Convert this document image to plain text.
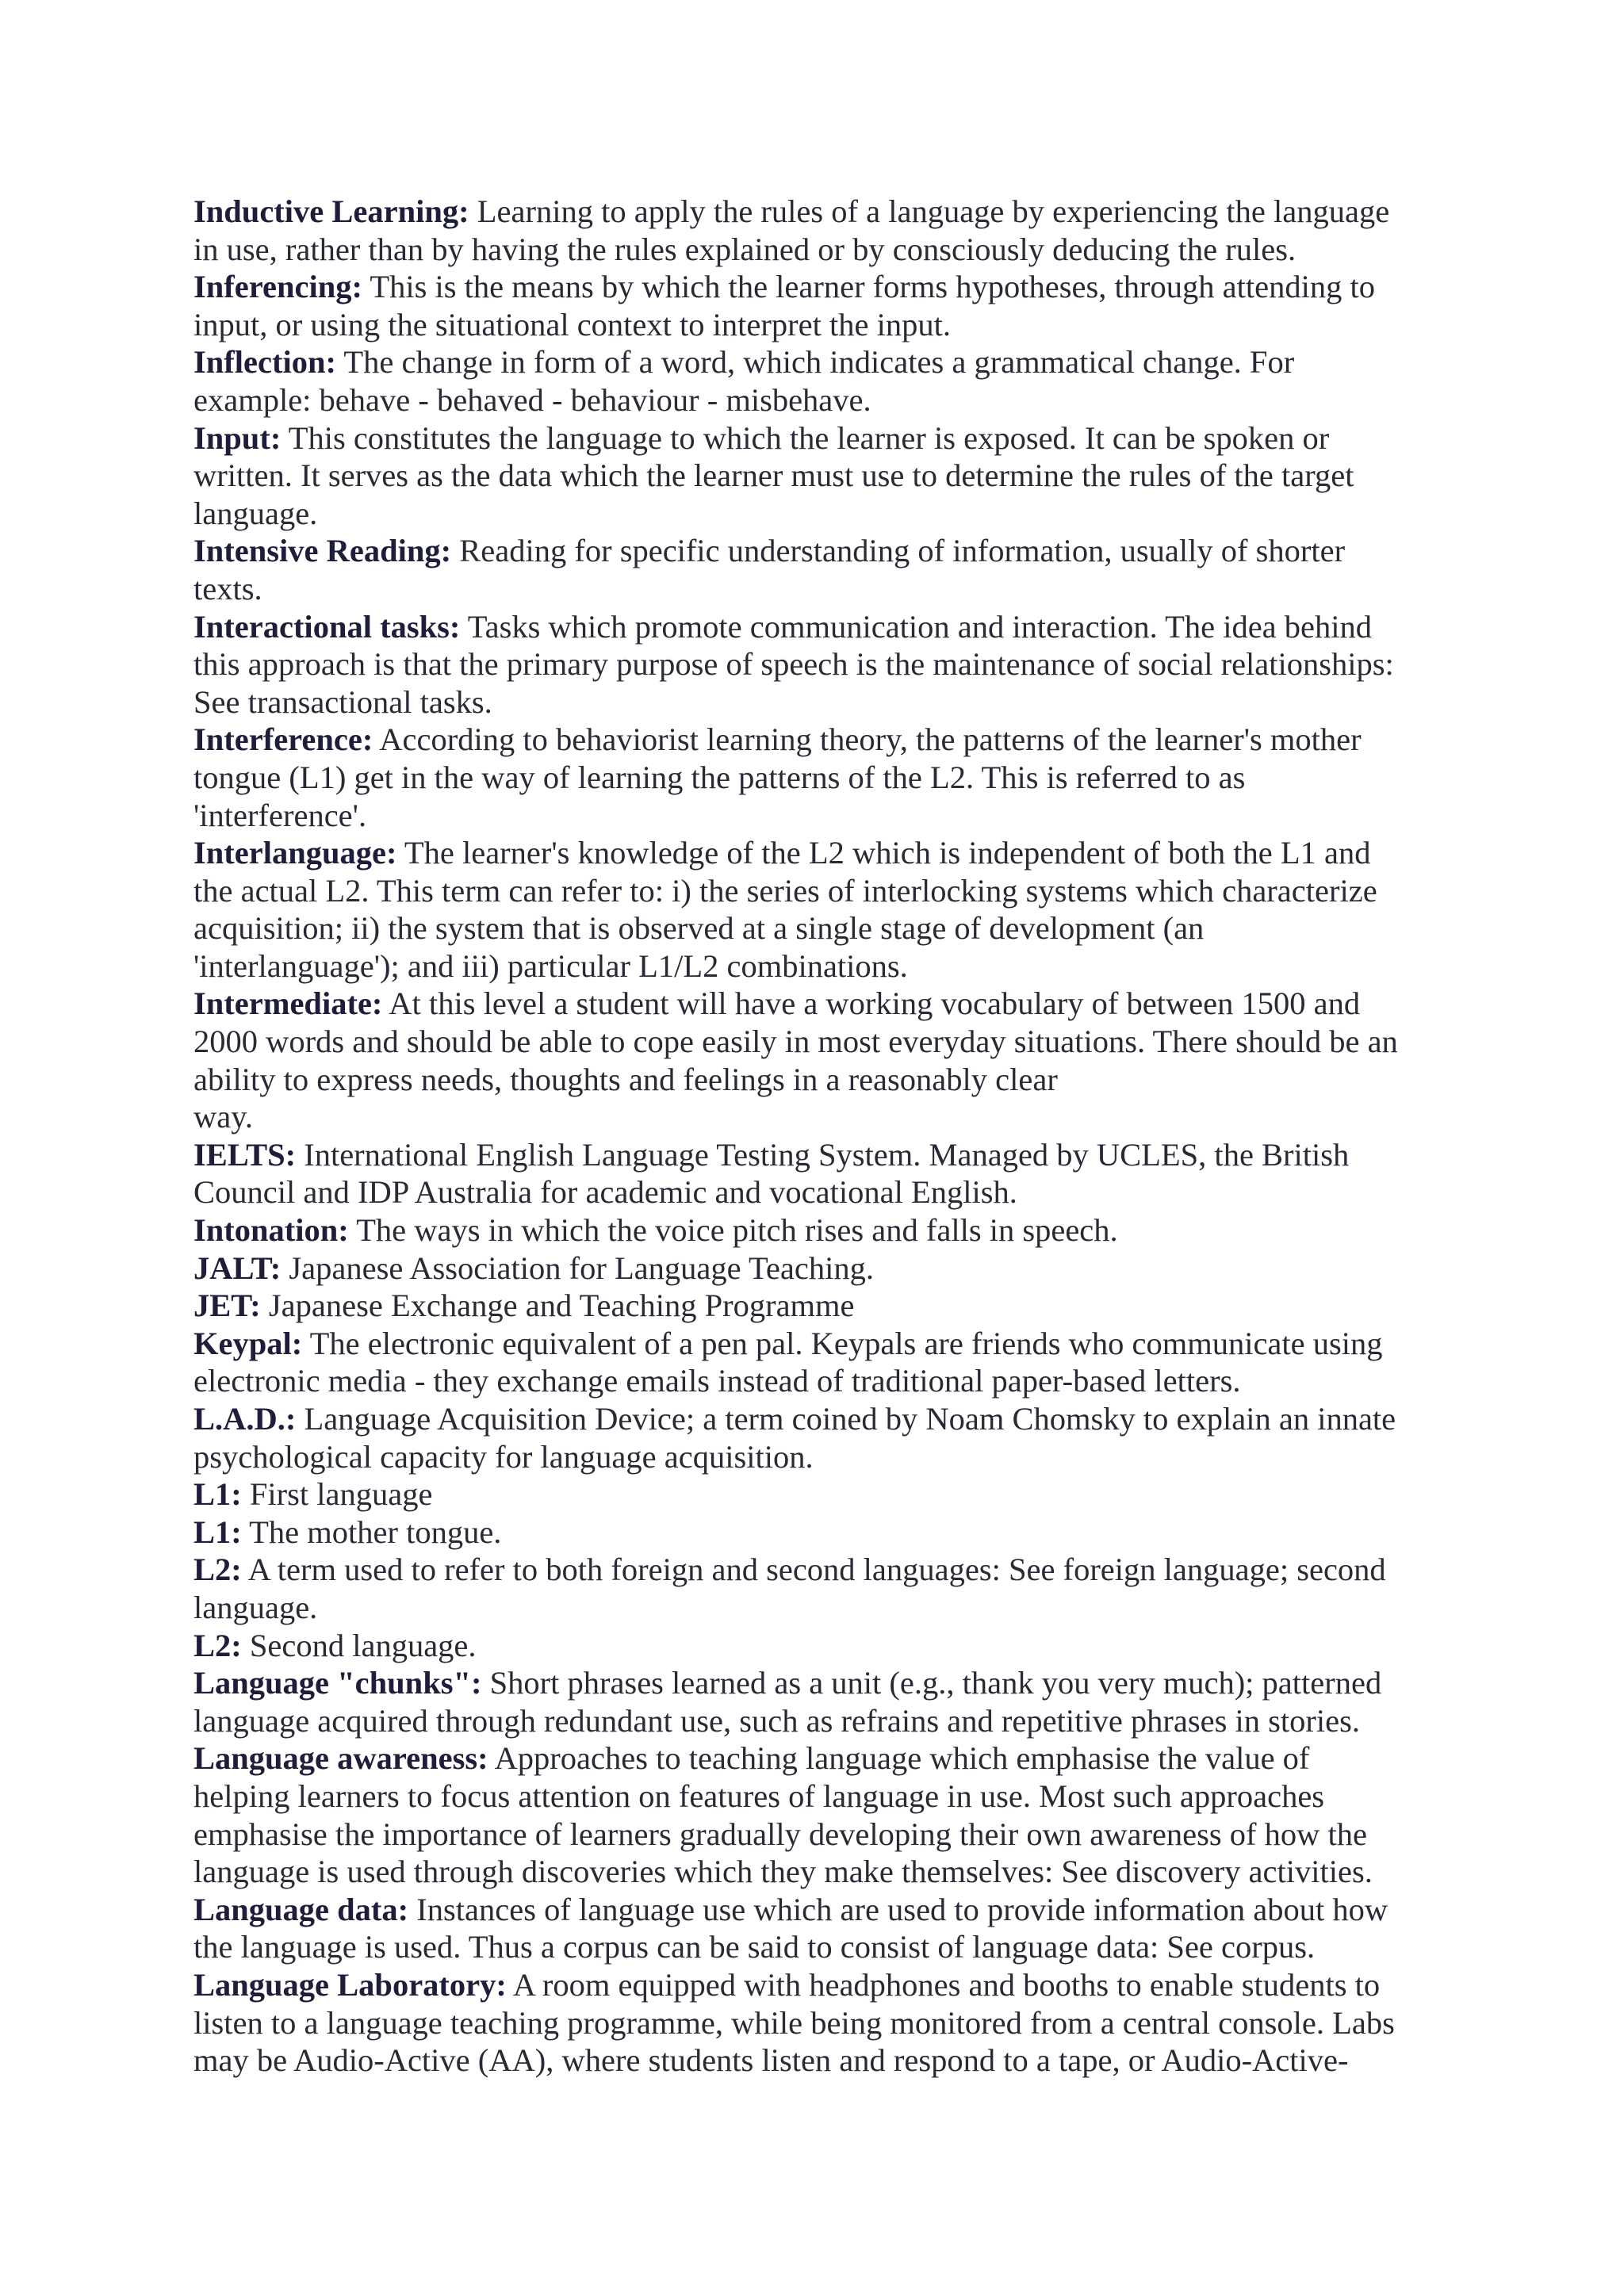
Inductive Learning: Learning to apply the rules of a language by experiencing the language
in use, rather than by having the rules explained or by consciously deducing the rules.
Inferencing: This is the means by which the learner forms hypotheses, through attending to
input, or using the situational context to interpret the input.
Inflection: The change in form of a word, which indicates a grammatical change. For
example: behave - behaved - behaviour - misbehave.
Input: This constitutes the language to which the learner is exposed. It can be spoken or
written. It serves as the data which the learner must use to determine the rules of the target
language.
Intensive Reading: Reading for specific understanding of information, usually of shorter
texts.
Interactional tasks: Tasks which promote communication and interaction. The idea behind
this approach is that the primary purpose of speech is the maintenance of social relationships:
See transactional tasks.
Interference: According to behaviorist learning theory, the patterns of the learner's mother
tongue (L1) get in the way of learning the patterns of the L2. This is referred to as
'interference'.
Interlanguage: The learner's knowledge of the L2 which is independent of both the L1 and
the actual L2. This term can refer to: i) the series of interlocking systems which characterize
acquisition; ii) the system that is observed at a single stage of development (an
'interlanguage'); and iii) particular L1/L2 combinations.
Intermediate: At this level a student will have a working vocabulary of between 1500 and
2000 words and should be able to cope easily in most everyday situations. There should be an
ability to express needs, thoughts and feelings in a reasonably clear
way.
IELTS: International English Language Testing System. Managed by UCLES, the British
Council and IDP Australia for academic and vocational English.
Intonation: The ways in which the voice pitch rises and falls in speech.
JALT: Japanese Association for Language Teaching.
JET: Japanese Exchange and Teaching Programme
Keypal: The electronic equivalent of a pen pal. Keypals are friends who communicate using
electronic media - they exchange emails instead of traditional paper-based letters.
L.A.D.: Language Acquisition Device; a term coined by Noam Chomsky to explain an innate
psychological capacity for language acquisition.
L1: First language
L1: The mother tongue.
L2: A term used to refer to both foreign and second languages: See foreign language; second
language.
L2: Second language.
Language "chunks": Short phrases learned as a unit (e.g., thank you very much); patterned
language acquired through redundant use, such as refrains and repetitive phrases in stories.
Language awareness: Approaches to teaching language which emphasise the value of
helping learners to focus attention on features of language in use. Most such approaches
emphasise the importance of learners gradually developing their own awareness of how the
language is used through discoveries which they make themselves: See discovery activities.
Language data: Instances of language use which are used to provide information about how
the language is used. Thus a corpus can be said to consist of language data: See corpus.
Language Laboratory: A room equipped with headphones and booths to enable students to
listen to a language teaching programme, while being monitored from a central console. Labs
may be Audio-Active (AA), where students listen and respond to a tape, or Audio-Active-
